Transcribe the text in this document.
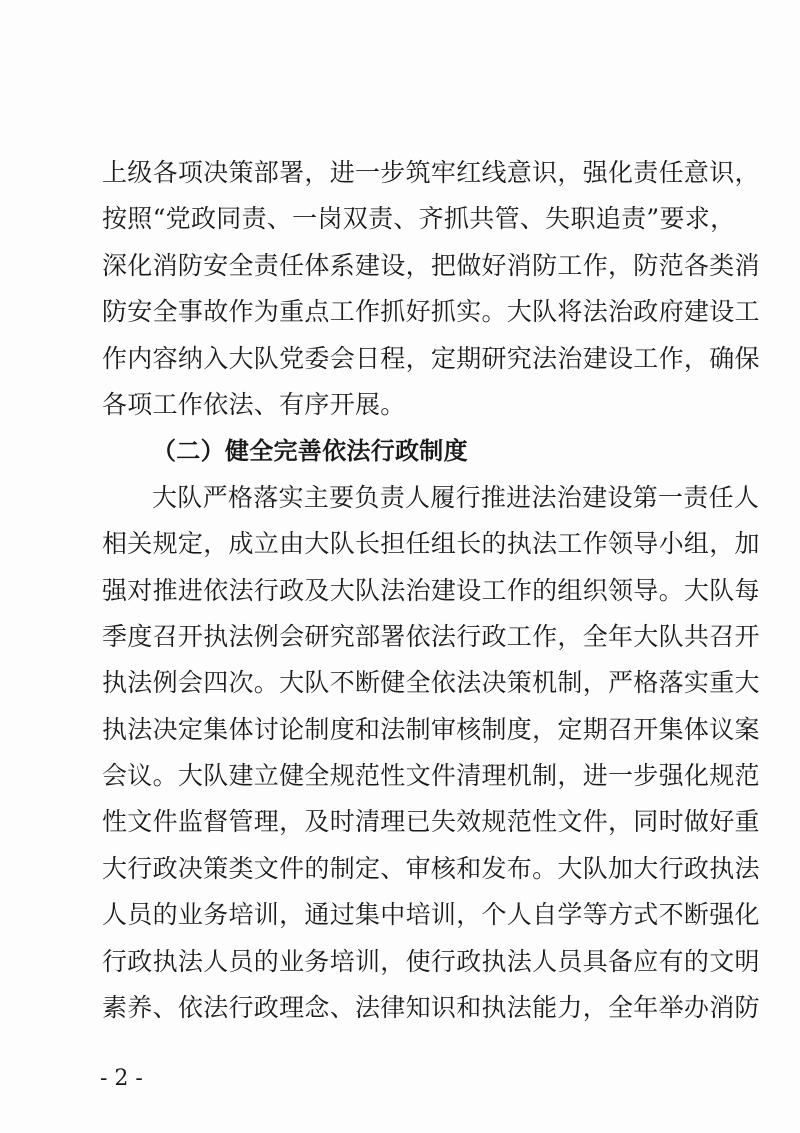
上级各项决策部署，进一步筑牢红线意识，强化责任意识，
按照“党政同责、一岗双责、齐抓共管、失职追责”要求，
深化消防安全责任体系建设，把做好消防工作，防范各类消
防安全事故作为重点工作抓好抓实。大队将法治政府建设工
作内容纳入大队党委会日程，定期研究法治建设工作，确保
各项工作依法、有序开展。
（二）健全完善依法行政制度
大队严格落实主要负责人履行推进法治建设第一责任人
相关规定，成立由大队长担任组长的执法工作领导小组，加
强对推进依法行政及大队法治建设工作的组织领导。大队每
季度召开执法例会研究部署依法行政工作，全年大队共召开
执法例会四次。大队不断健全依法决策机制，严格落实重大
执法决定集体讨论制度和法制审核制度，定期召开集体议案
会议。大队建立健全规范性文件清理机制，进一步强化规范
性文件监督管理，及时清理已失效规范性文件，同时做好重
大行政决策类文件的制定、审核和发布。大队加大行政执法
人员的业务培训，通过集中培训，个人自学等方式不断强化
行政执法人员的业务培训，使行政执法人员具备应有的文明
素养、依法行政理念、法律知识和执法能力，全年举办消防
- 2 -
